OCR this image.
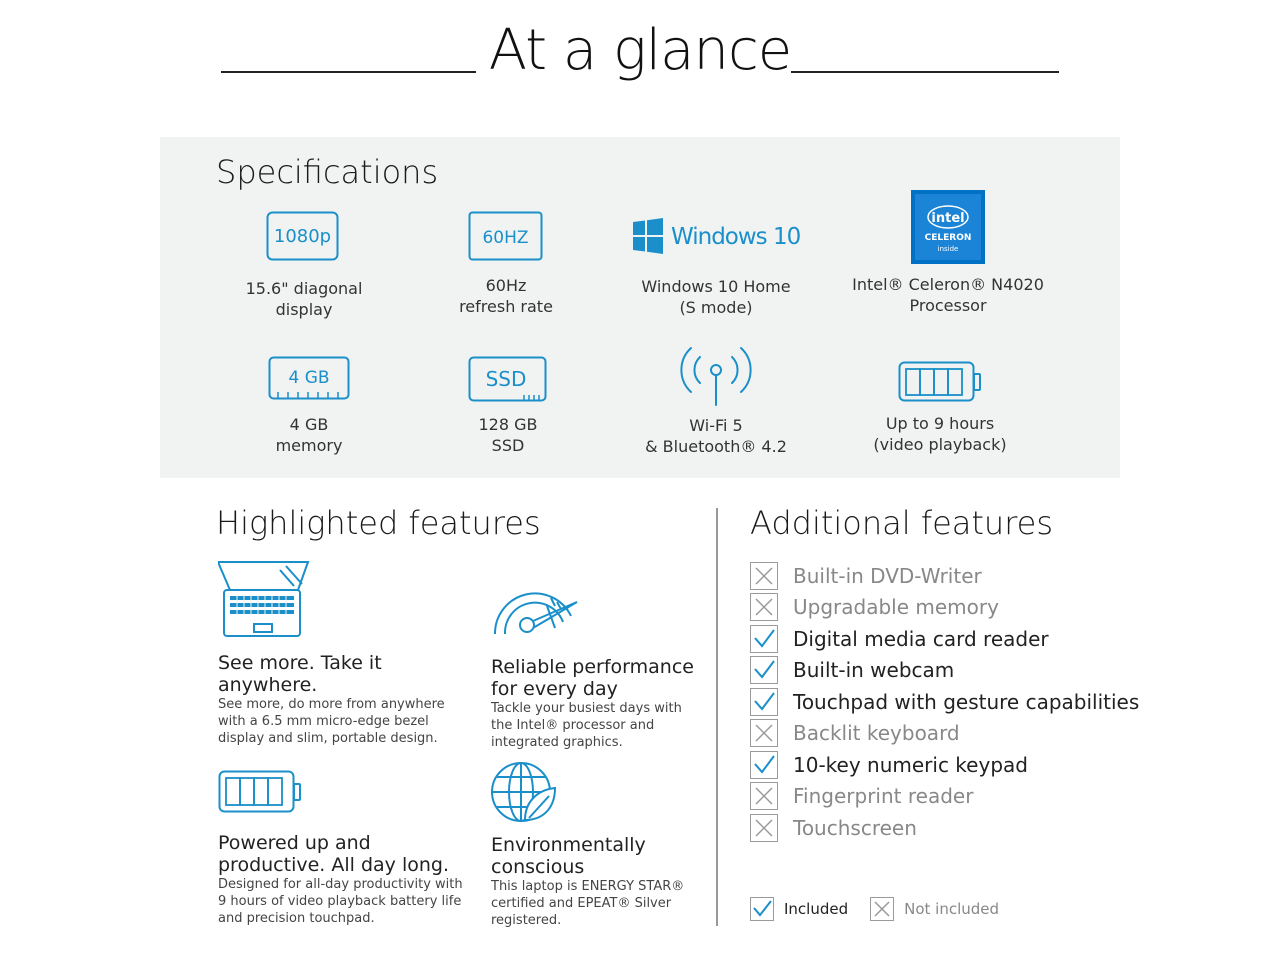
At a glance
Specifications
1080p
15.6" diagonal
display
60HZ
60Hz
refresh rate
Windows 10
Windows 10 Home
(S mode)
intel
CELERON
inside
Intel® Celeron® N4020
Processor
4 GB
4 GB
memory
SSD
128 GB
SSD
Wi-Fi 5
& Bluetooth® 4.2
Up to 9 hours
(video playback)
Highlighted features
See more. Take it
anywhere.
See more, do more from anywhere
with a 6.5 mm micro-edge bezel
display and slim, portable design.
Reliable performance
for every day
Tackle your busiest days with
the Intel® processor and
integrated graphics.
Powered up and
productive. All day long.
Designed for all-day productivity with
9 hours of video playback battery life
and precision touchpad.
Environmentally
conscious
This laptop is ENERGY STAR®
certified and EPEAT® Silver
registered.
Additional features
Built-in DVD-Writer
Upgradable memory
Digital media card reader
Built-in webcam
Touchpad with gesture capabilities
Backlit keyboard
10-key numeric keypad
Fingerprint reader
Touchscreen
Included	Not included
